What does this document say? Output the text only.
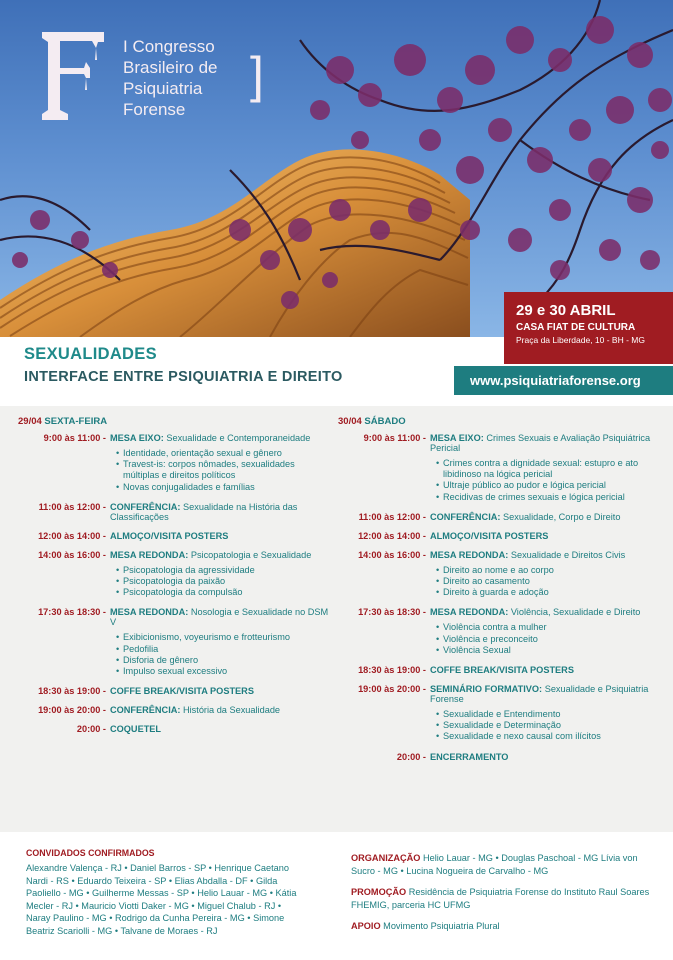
I Congresso
Brasileiro de
Psiquiatria
Forense
]
29 e 30 ABRIL
CASA FIAT DE CULTURA
Praça da Liberdade, 10 - BH - MG
SEXUALIDADES
INTERFACE ENTRE PSIQUIATRIA E DIREITO	www.psiquiatriaforense.org
29/04 SEXTA-FEIRA
9:00 às 11:00 - MESA EIXO: Sexualidade e Contemporaneidade
• Identidade, orientação sexual e gênero
• Travest-is: corpos nômades, sexualidades múltiplas e direitos políticos
• Novas conjugalidades e famílias
11:00 às 12:00 - CONFERÊNCIA: Sexualidade na História das Classificações
12:00 às 14:00 - ALMOÇO/VISITA POSTERS
14:00 às 16:00 - MESA REDONDA: Psicopatologia e Sexualidade
• Psicopatologia da agressividade
• Psicopatologia da paixão
• Psicopatologia da compulsão
17:30 às 18:30 - MESA REDONDA: Nosologia e Sexualidade no DSM V
• Exibicionismo, voyeurismo e frotteurismo
• Pedofilia
• Disforia de gênero
• Impulso sexual excessivo
18:30 às 19:00 - COFFE BREAK/VISITA POSTERS
19:00 às 20:00 - CONFERÊNCIA: História da Sexualidade
20:00 - COQUETEL
30/04 SÁBADO
9:00 às 11:00 - MESA EIXO: Crimes Sexuais e Avaliação Psiquiátrica Pericial
• Crimes contra a dignidade sexual: estupro e ato libidinoso na lógica pericial
• Ultraje público ao pudor e lógica pericial
• Recidivas de crimes sexuais e lógica pericial
11:00 às 12:00 - CONFERÊNCIA: Sexualidade, Corpo e Direito
12:00 às 14:00 - ALMOÇO/VISITA POSTERS
14:00 às 16:00 - MESA REDONDA: Sexualidade e Direitos Civis
• Direito ao nome e ao corpo
• Direito ao casamento
• Direito à guarda e adoção
17:30 às 18:30 - MESA REDONDA: Violência, Sexualidade e Direito
• Violência contra a mulher
• Violência e preconceito
• Violência Sexual
18:30 às 19:00 - COFFE BREAK/VISITA POSTERS
19:00 às 20:00 - SEMINÁRIO FORMATIVO: Sexualidade e Psiquiatria Forense
• Sexualidade e Entendimento
• Sexualidade e Determinação
• Sexualidade e nexo causal com ilícitos
20:00 - ENCERRAMENTO
CONVIDADOS CONFIRMADOS
Alexandre Valença - RJ • Daniel Barros - SP • Henrique Caetano Nardi - RS • Eduardo Teixeira - SP • Elias Abdalla - DF • Gilda Paoliello - MG • Guilherme Messas - SP • Helio Lauar - MG • Kátia Mecler - RJ • Mauricio Viotti Daker - MG • Miguel Chalub - RJ • Naray Paulino - MG • Rodrigo da Cunha Pereira - MG • Simone Beatriz Scariolli - MG • Talvane de Moraes - RJ
ORGANIZAÇÃO Helio Lauar - MG • Douglas Paschoal - MG Lívia von Sucro - MG • Lucina Nogueira de Carvalho - MG
PROMOÇÃO Residência de Psiquiatria Forense do Instituto Raul Soares FHEMIG, parceria HC UFMG
APOIO Movimento Psiquiatria Plural
